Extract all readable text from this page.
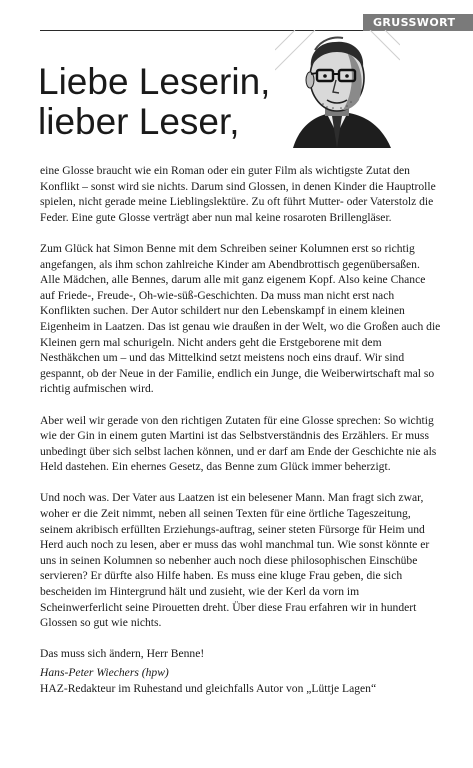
GRUSSWORT
Liebe Leserin,
lieber Leser,

eine Glosse braucht wie ein Roman oder ein guter Film als wichtigste Zutat den Konflikt – sonst wird sie nichts. Darum sind Glossen, in denen Kinder die Hauptrolle spielen, nicht gerade meine Lieblingslektüre. Zu oft führt Mutter- oder Vaterstolz die Feder. Eine gute Glosse verträgt aber nun mal keine rosaroten Brillengläser.

Zum Glück hat Simon Benne mit dem Schreiben seiner Kolumnen erst so richtig angefangen, als ihm schon zahlreiche Kinder am Abendbrottisch gegenübersaßen. Alle Mädchen, alle Bennes, darum alle mit ganz eigenem Kopf. Also keine Chance auf Friede-, Freude-, Oh-wie-süß-Geschichten. Da muss man nicht erst nach Konflikten suchen. Der Autor schildert nur den Lebenskampf in einem kleinen Eigenheim in Laatzen. Das ist genau wie draußen in der Welt, wo die Großen auch die Kleinen gern mal schurigeln. Nicht anders geht die Erstgeborene mit dem Nesthäkchen um – und das Mittelkind setzt meistens noch eins drauf. Wir sind gespannt, ob der Neue in der Familie, endlich ein Junge, die Weiberwirtschaft mal so richtig aufmischen wird.

Aber weil wir gerade von den richtigen Zutaten für eine Glosse sprechen: So wichtig wie der Gin in einem guten Martini ist das Selbstverständnis des Erzählers. Er muss unbedingt über sich selbst lachen können, und er darf am Ende der Geschichte nie als Held dastehen. Ein ehernes Gesetz, das Benne zum Glück immer beherzigt.

Und noch was. Der Vater aus Laatzen ist ein belesener Mann. Man fragt sich zwar, woher er die Zeit nimmt, neben all seinen Texten für eine örtliche Tageszeitung, seinem akribisch erfüllten Erziehungs-auftrag, seiner steten Fürsorge für Heim und Herd auch noch zu lesen, aber er muss das wohl manchmal tun. Wie sonst könnte er uns in seinen Kolumnen so nebenher auch noch diese philosophischen Einschübe servieren? Er dürfte also Hilfe haben. Es muss eine kluge Frau geben, die sich bescheiden im Hintergrund hält und zusieht, wie der Kerl da vorn im Scheinwerferlicht seine Pirouetten dreht. Über diese Frau erfahren wir in hundert Glossen so gut wie nichts.

Das muss sich ändern, Herr Benne!

Hans-Peter Wiechers (hpw)
HAZ-Redakteur im Ruhestand und gleichfalls Autor von „Lüttje Lagen“
